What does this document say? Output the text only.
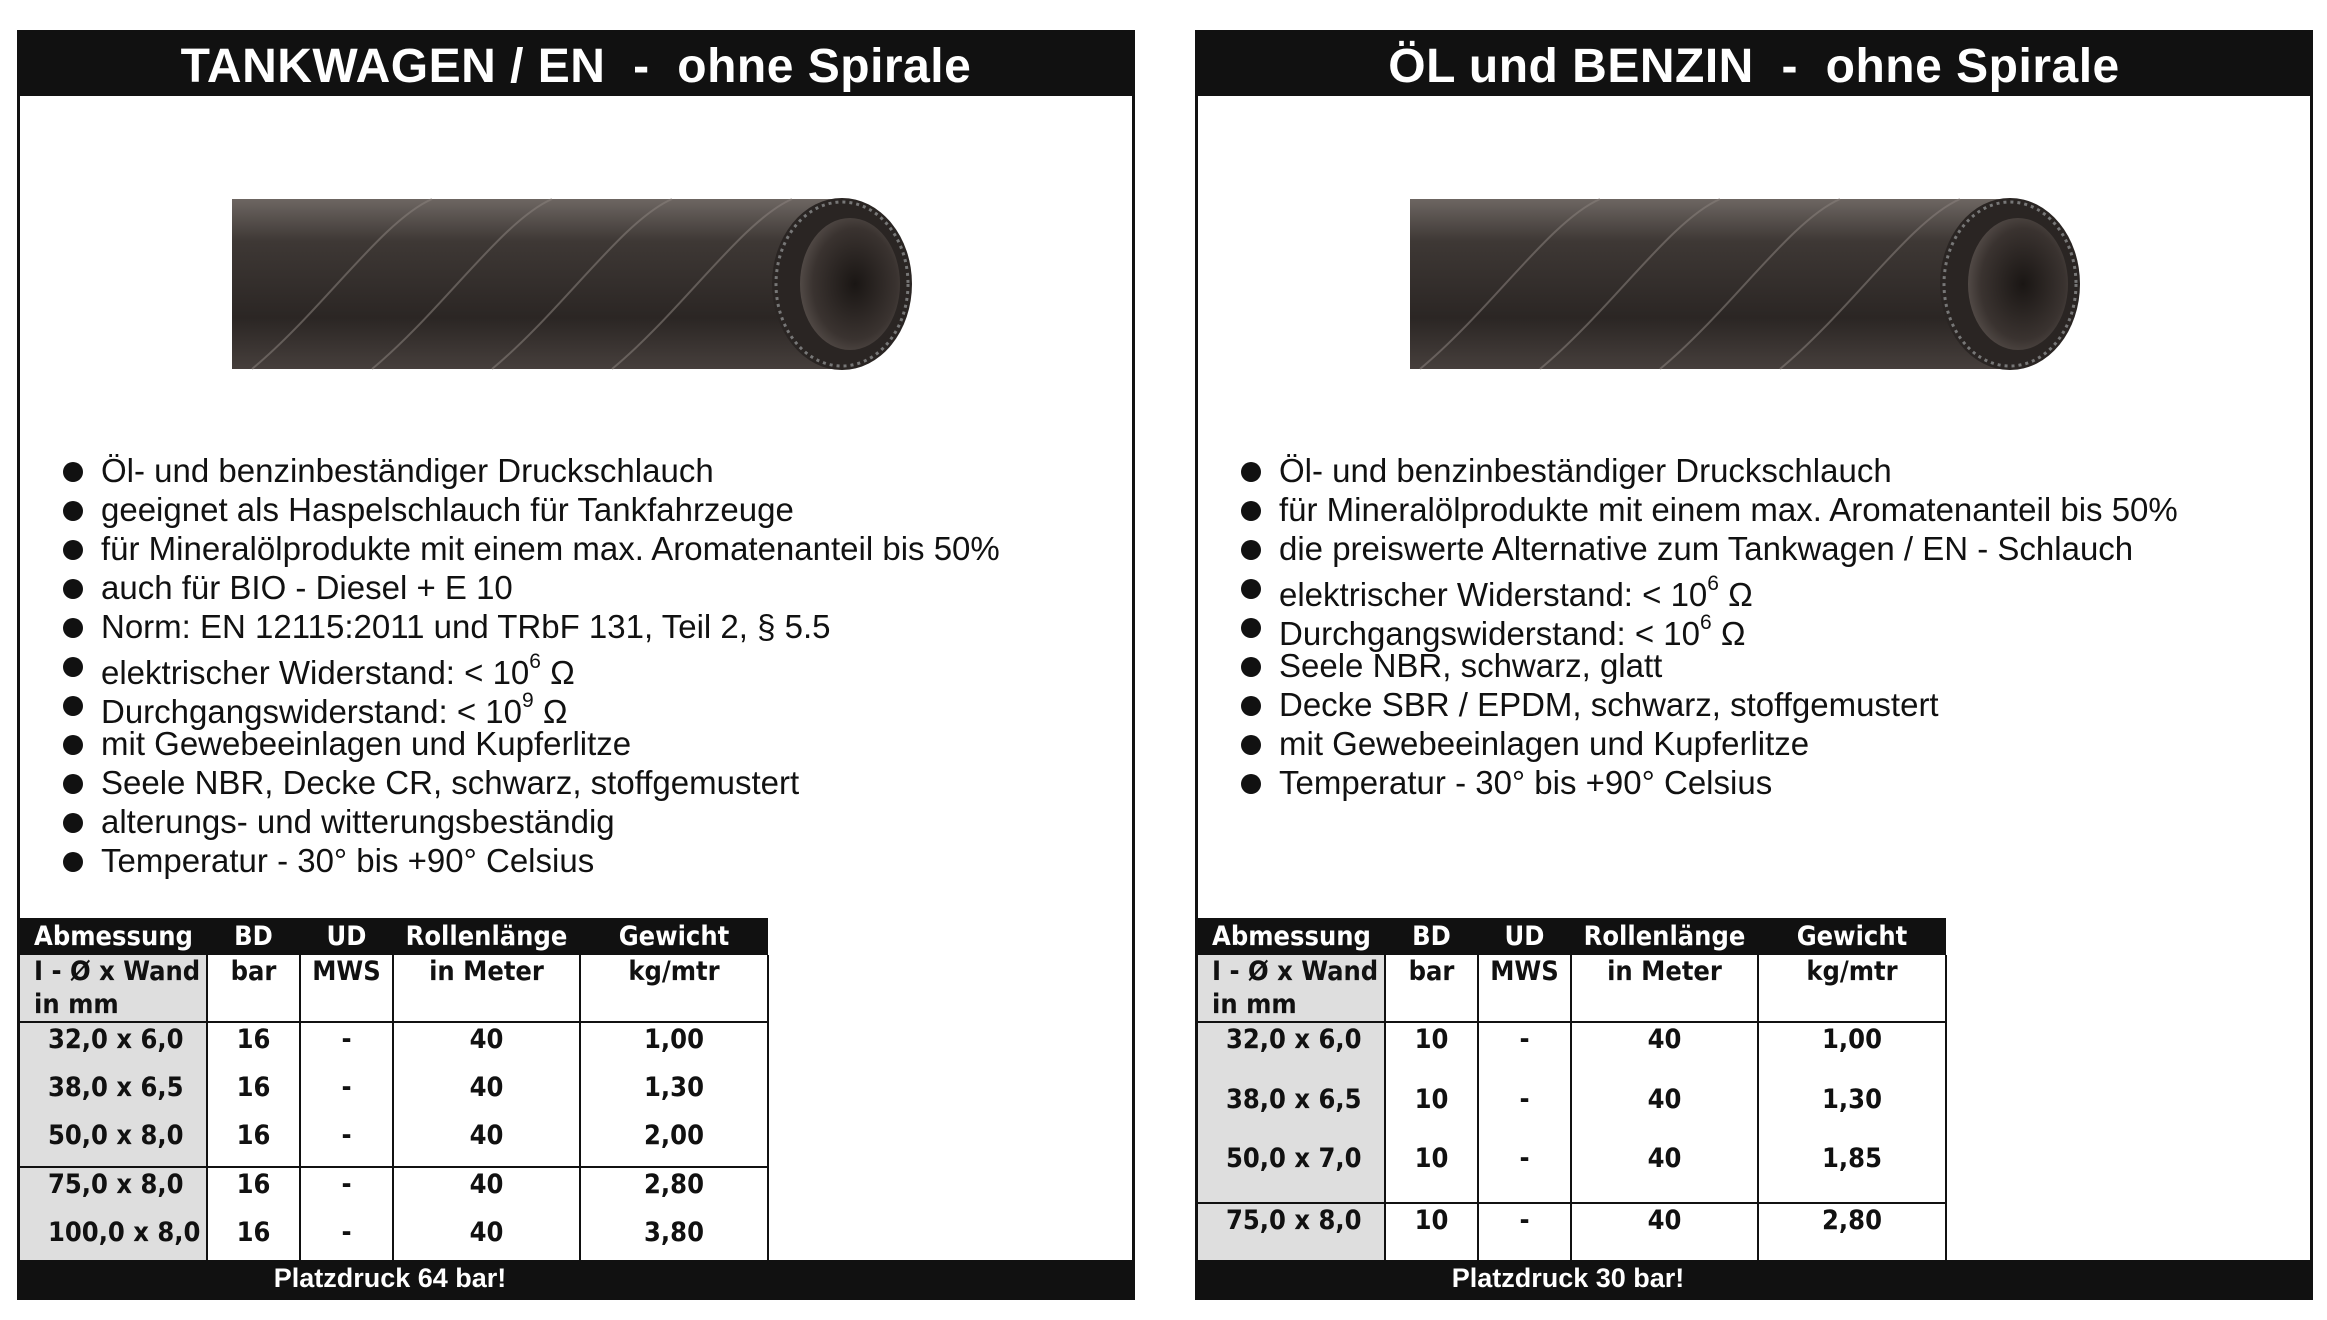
TANKWAGEN / EN  -  ohne Spirale
Öl- und benzinbeständiger Druckschlauch
geeignet als Haspelschlauch für Tankfahrzeuge
für Mineralölprodukte mit einem max. Aromatenanteil bis 50%
auch für BIO - Diesel + E 10
Norm: EN 12115:2011 und TRbF 131, Teil 2, § 5.5
elektrischer Widerstand: < $10^6$ Ω
Durchgangswiderstand: < $10^9$ Ω
mit Gewebeeinlagen und Kupferlitze
Seele NBR, Decke CR, schwarz, stoffgemustert
alterungs- und witterungsbeständig
Temperatur - 30° bis +90° Celsius
Abmessung	BD	UD	Rollenlänge	Gewicht
I - Ø x Wand
in mm	bar	MWS	in Meter	kg/mtr
32,0 x 6,0	16	-	40	1,00
38,0 x 6,5	16	-	40	1,30
50,0 x 8,0	16	-	40	2,00
75,0 x 8,0	16	-	40	2,80
100,0 x 8,0	16	-	40	3,80

Platzdruck 64 bar!
ÖL und BENZIN  -  ohne Spirale
Öl- und benzinbeständiger Druckschlauch
für Mineralölprodukte mit einem max. Aromatenanteil bis 50%
die preiswerte Alternative zum Tankwagen / EN - Schlauch
elektrischer Widerstand: < $10^6$ Ω
Durchgangswiderstand: < $10^6$ Ω
Seele NBR, schwarz, glatt
Decke SBR / EPDM, schwarz, stoffgemustert
mit Gewebeeinlagen und Kupferlitze
Temperatur - 30° bis +90° Celsius
Abmessung	BD	UD	Rollenlänge	Gewicht
I - Ø x Wand
in mm	bar	MWS	in Meter	kg/mtr
32,0 x 6,0	10	-	40	1,00
38,0 x 6,5	10	-	40	1,30
50,0 x 7,0	10	-	40	1,85
75,0 x 8,0	10	-	40	2,80

Platzdruck 30 bar!
